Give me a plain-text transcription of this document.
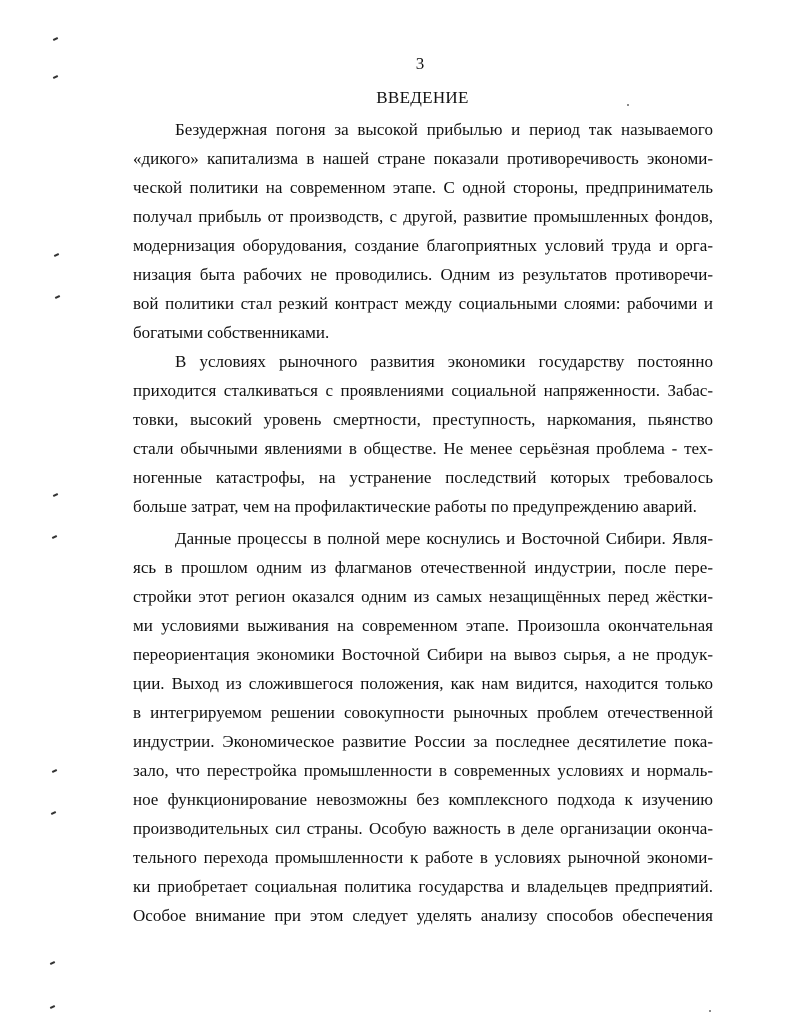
3
ВВЕДЕНИЕ
Безудержная погоня за высокой прибылью и период так называемого
«дикого» капитализма в нашей стране показали противоречивость экономи-
ческой политики на современном этапе. С одной стороны, предприниматель
получал прибыль от производств, с другой, развитие промышленных фондов,
модернизация оборудования, создание благоприятных условий труда и орга-
низация быта рабочих не проводились. Одним из результатов противоречи-
вой политики стал резкий контраст между социальными слоями: рабочими и
богатыми собственниками.
В условиях рыночного развития экономики государству постоянно
приходится сталкиваться с проявлениями социальной напряженности. Забас-
товки, высокий уровень смертности, преступность, наркомания, пьянство
стали обычными явлениями в обществе. Не менее серьёзная проблема - тех-
ногенные катастрофы, на устранение последствий которых требовалось
больше затрат, чем на профилактические работы по предупреждению аварий.
Данные процессы в полной мере коснулись и Восточной Сибири. Явля-
ясь в прошлом одним из флагманов отечественной индустрии, после пере-
стройки этот регион оказался одним из самых незащищённых перед жёстки-
ми условиями выживания на современном этапе. Произошла окончательная
переориентация экономики Восточной Сибири на вывоз сырья, а не продук-
ции. Выход из сложившегося положения, как нам видится, находится только
в интегрируемом решении совокупности рыночных проблем отечественной
индустрии. Экономическое развитие России за последнее десятилетие пока-
зало, что перестройка промышленности в современных условиях и нормаль-
ное функционирование невозможны без комплексного подхода к изучению
производительных сил страны. Особую важность в деле организации оконча-
тельного перехода промышленности к работе в условиях рыночной экономи-
ки приобретает социальная политика государства и владельцев предприятий.
Особое внимание при этом следует уделять анализу способов обеспечения
